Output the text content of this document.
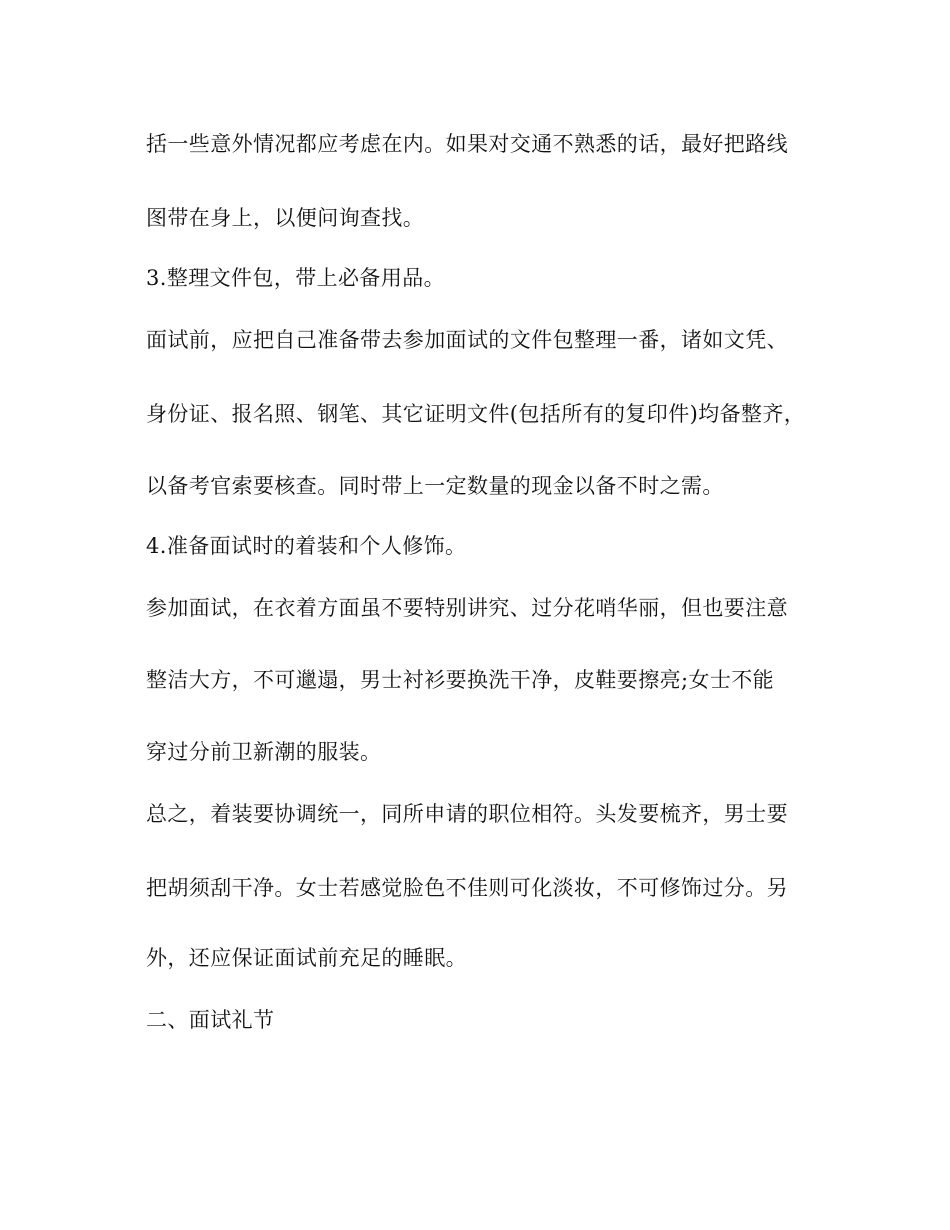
括一些意外情况都应考虑在内。如果对交通不熟悉的话，最好把路线
图带在身上，以便问询查找。
3.整理文件包，带上必备用品。
面试前，应把自己准备带去参加面试的文件包整理一番，诸如文凭、
身份证、报名照、钢笔、其它证明文件(包括所有的复印件)均备整齐，
以备考官索要核查。同时带上一定数量的现金以备不时之需。
4.准备面试时的着装和个人修饰。
参加面试，在衣着方面虽不要特别讲究、过分花哨华丽，但也要注意
整洁大方，不可邋遢，男士衬衫要换洗干净，皮鞋要擦亮;女士不能
穿过分前卫新潮的服装。
总之，着装要协调统一，同所申请的职位相符。头发要梳齐，男士要
把胡须刮干净。女士若感觉脸色不佳则可化淡妆，不可修饰过分。另
外，还应保证面试前充足的睡眠。
二、面试礼节
